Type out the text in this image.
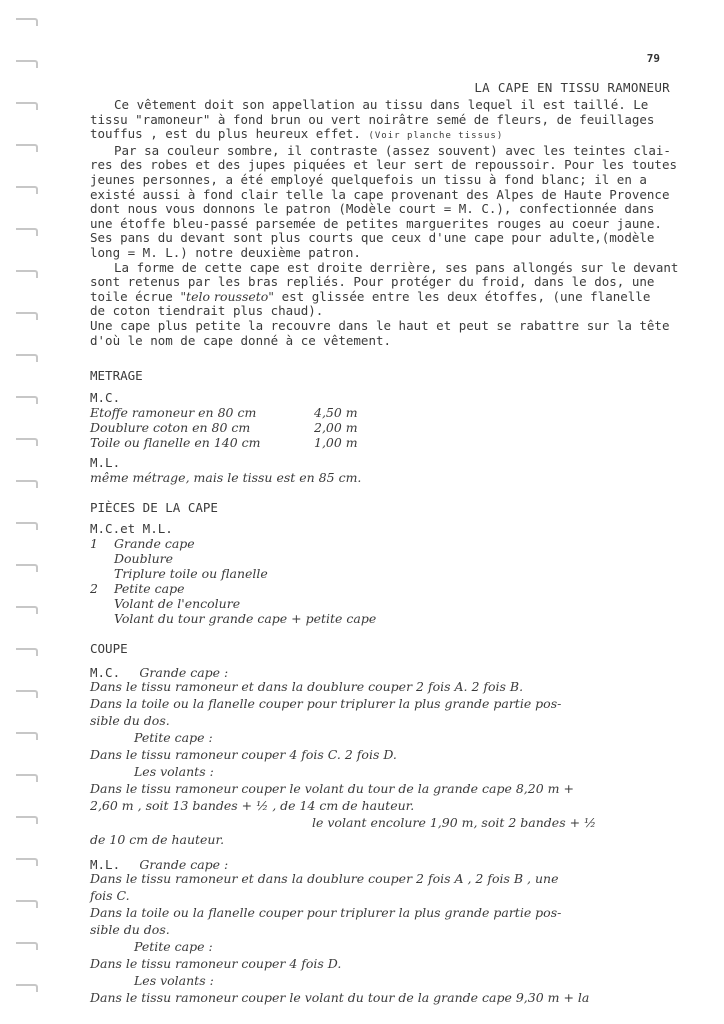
79
LA CAPE EN TISSU RAMONEUR

Ce vêtement doit son appellation au tissu dans lequel il est taillé. Le

tissu "ramoneur" à fond brun ou vert noirâtre semé de fleurs, de feuillages

touffus , est du plus heureux effet. (Voir planche tissus)

Par sa couleur sombre, il contraste (assez souvent) avec les teintes clai-

res des robes et des jupes piquées et leur sert de repoussoir. Pour les toutes

jeunes personnes, a été employé quelquefois un tissu à fond blanc; il en a

existé aussi à fond clair telle la cape provenant des Alpes de Haute Provence

dont nous vous donnons le patron (Modèle court = M. C.), confectionnée dans

une étoffe bleu-passé parsemée de petites marguerites rouges au coeur jaune.

Ses pans du devant sont plus courts que ceux d'une cape pour adulte,(modèle

long = M. L.) notre deuxième patron.

La forme de cette cape est droite derrière, ses pans allongés sur le devant

sont retenus par les bras repliés. Pour protéger du froid, dans le dos, une

toile écrue "telo rousseto" est glissée entre les deux étoffes, (une flanelle

de coton tiendrait plus chaud).

Une cape plus petite la recouvre dans le haut et peut se rabattre sur la tête

d'où le nom de cape donné à ce vêtement.

METRAGE
M.C.
Etoffe ramoneur en 80 cm	4,50 m
Doublure coton en 80 cm	2,00 m
Toile ou flanelle en 140 cm	1,00 m
M.L.
même métrage, mais le tissu est en 85 cm.
PIÈCES DE LA CAPE
M.C.et M.L.
1 Grande cape
Doublure
Triplure toile ou flanelle
2 Petite cape
Volant de l'encolure
Volant du tour grande cape + petite cape
COUPE
M.C. Grande cape :
Dans le tissu ramoneur et dans la doublure couper 2 fois A. 2 fois B.
Dans la toile ou la flanelle couper pour triplurer la plus grande partie pos-
sible du dos.
Petite cape :
Dans le tissu ramoneur couper 4 fois C. 2 fois D.
Les volants :
Dans le tissu ramoneur couper le volant du tour de la grande cape 8,20 m +
2,60 m , soit 13 bandes + ½ , de 14 cm de hauteur.
le volant encolure 1,90 m, soit 2 bandes + ½
de 10 cm de hauteur.
M.L. Grande cape :
Dans le tissu ramoneur et dans la doublure couper 2 fois A , 2 fois B , une
fois C.
Dans la toile ou la flanelle couper pour triplurer la plus grande partie pos-
sible du dos.
Petite cape :
Dans le tissu ramoneur couper 4 fois D.
Les volants :
Dans le tissu ramoneur couper le volant du tour de la grande cape 9,30 m + la
